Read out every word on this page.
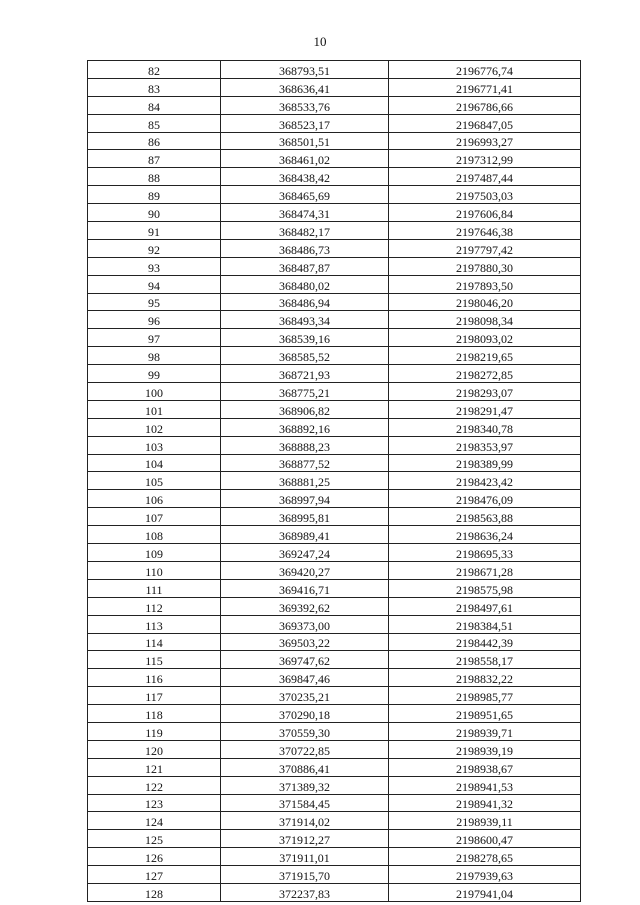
10
82	368793,51	2196776,74
83	368636,41	2196771,41
84	368533,76	2196786,66
85	368523,17	2196847,05
86	368501,51	2196993,27
87	368461,02	2197312,99
88	368438,42	2197487,44
89	368465,69	2197503,03
90	368474,31	2197606,84
91	368482,17	2197646,38
92	368486,73	2197797,42
93	368487,87	2197880,30
94	368480,02	2197893,50
95	368486,94	2198046,20
96	368493,34	2198098,34
97	368539,16	2198093,02
98	368585,52	2198219,65
99	368721,93	2198272,85
100	368775,21	2198293,07
101	368906,82	2198291,47
102	368892,16	2198340,78
103	368888,23	2198353,97
104	368877,52	2198389,99
105	368881,25	2198423,42
106	368997,94	2198476,09
107	368995,81	2198563,88
108	368989,41	2198636,24
109	369247,24	2198695,33
110	369420,27	2198671,28
111	369416,71	2198575,98
112	369392,62	2198497,61
113	369373,00	2198384,51
114	369503,22	2198442,39
115	369747,62	2198558,17
116	369847,46	2198832,22
117	370235,21	2198985,77
118	370290,18	2198951,65
119	370559,30	2198939,71
120	370722,85	2198939,19
121	370886,41	2198938,67
122	371389,32	2198941,53
123	371584,45	2198941,32
124	371914,02	2198939,11
125	371912,27	2198600,47
126	371911,01	2198278,65
127	371915,70	2197939,63
128	372237,83	2197941,04
